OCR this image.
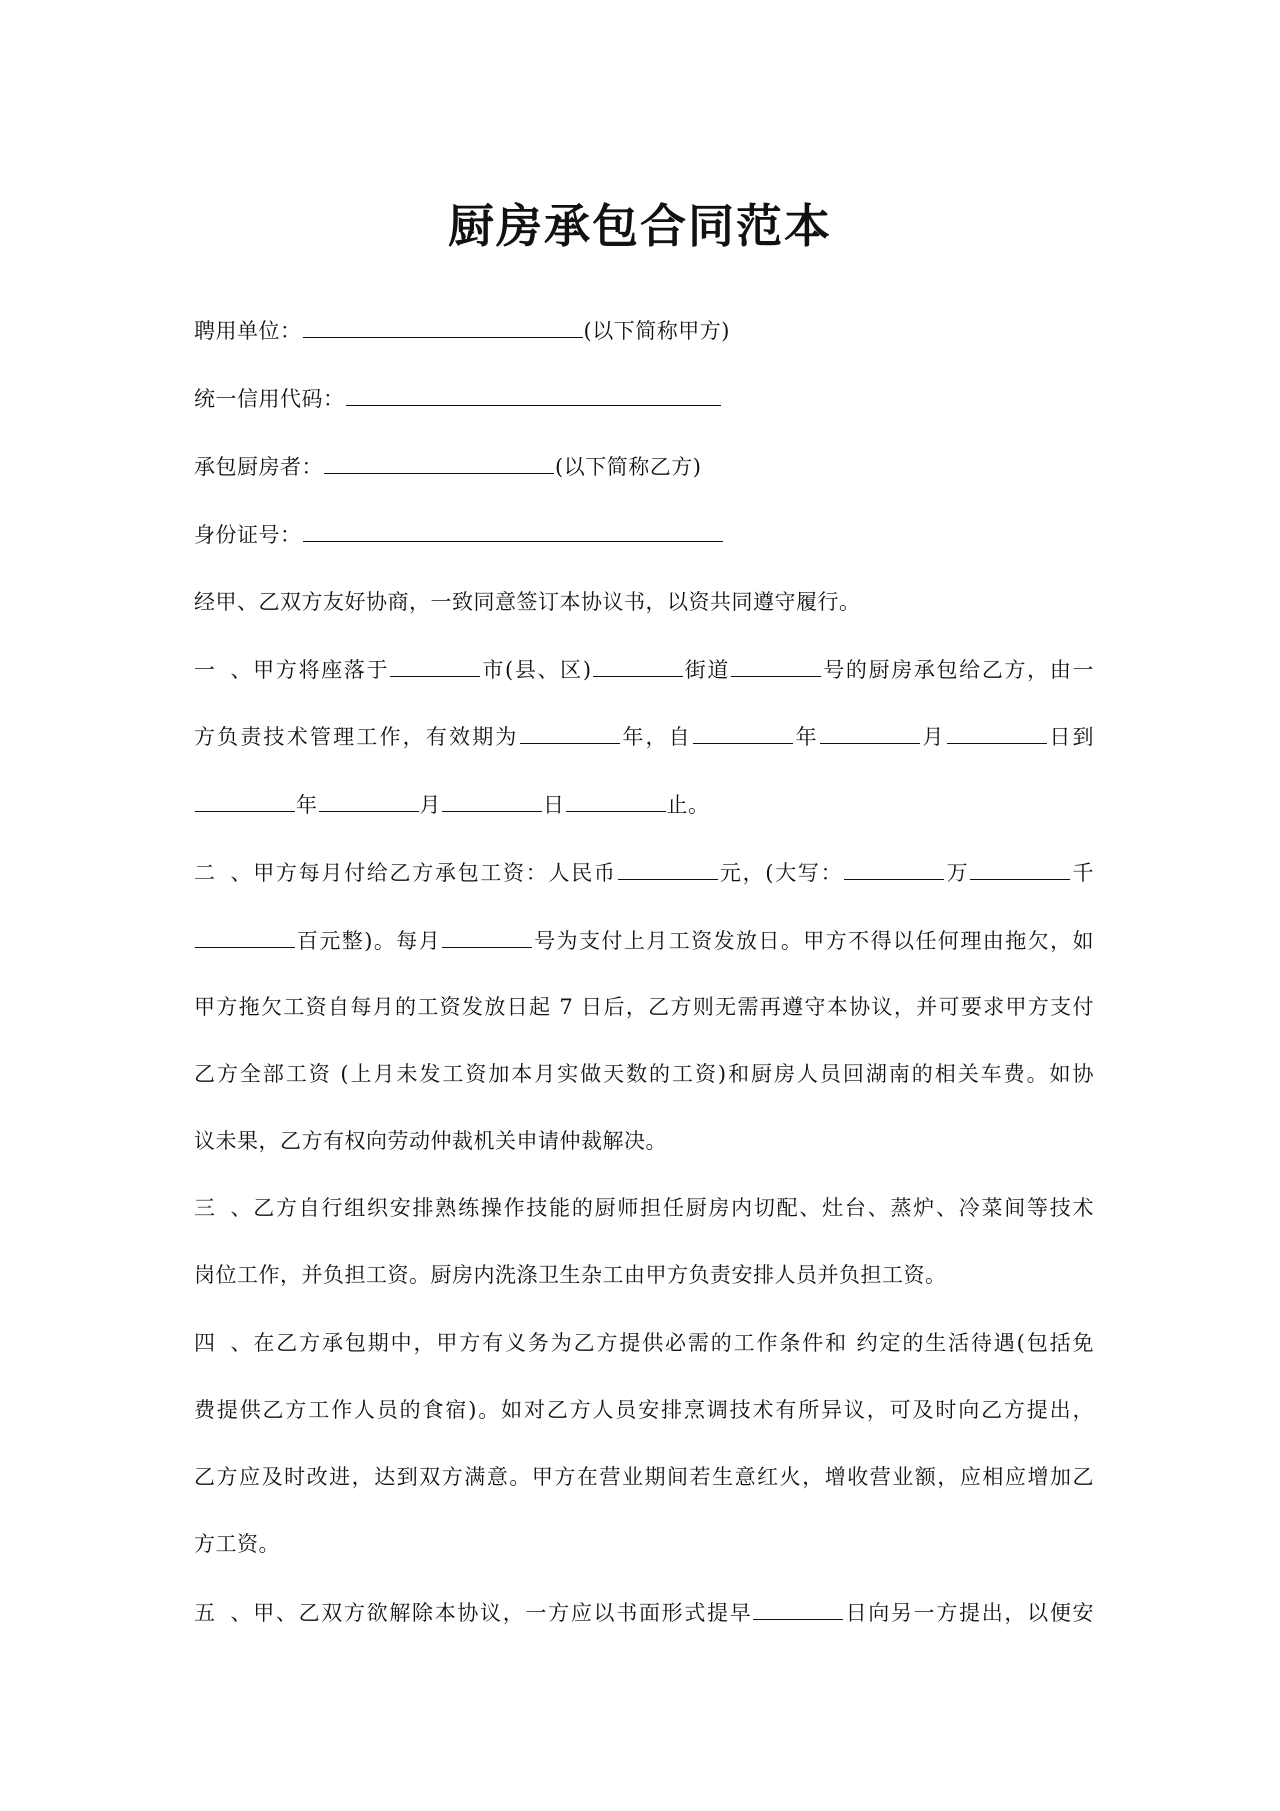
厨房承包合同范本
聘用单位：	(以下简称甲方)
统一信用代码：
承包厨房者：	(以下简称乙方)
身份证号：
经甲、乙双方友好协商，一致同意签订本协议书，以资共同遵守履行。
一、甲方将座落于	市(县、区)	街道	号的厨房承包给乙方，由一
方负责技术管理工作，有效期为	年，自	年	月	日到
年	月	日	止。
二、甲方每月付给乙方承包工资：人民币	元，(大写：	万	千
百元整)。每月	号为支付上月工资发放日。甲方不得以任何理由拖欠，如
甲方拖欠工资自每月的工资发放日起 7 日后，乙方则无需再遵守本协议，并可要求甲方支付
乙方全部工资 (上月未发工资加本月实做天数的工资)和厨房人员回湖南的相关车费。如协
议未果，乙方有权向劳动仲裁机关申请仲裁解决。
三、乙方自行组织安排熟练操作技能的厨师担任厨房内切配、灶台、蒸炉、冷菜间等技术
岗位工作，并负担工资。厨房内洗涤卫生杂工由甲方负责安排人员并负担工资。
四、在乙方承包期中，甲方有义务为乙方提供必需的工作条件和 约定的生活待遇(包括免
费提供乙方工作人员的食宿)。如对乙方人员安排烹调技术有所异议，可及时向乙方提出，
乙方应及时改进，达到双方满意。甲方在营业期间若生意红火，增收营业额，应相应增加乙
方工资。
五、甲、乙双方欲解除本协议，一方应以书面形式提早	日向另一方提出，以便安
